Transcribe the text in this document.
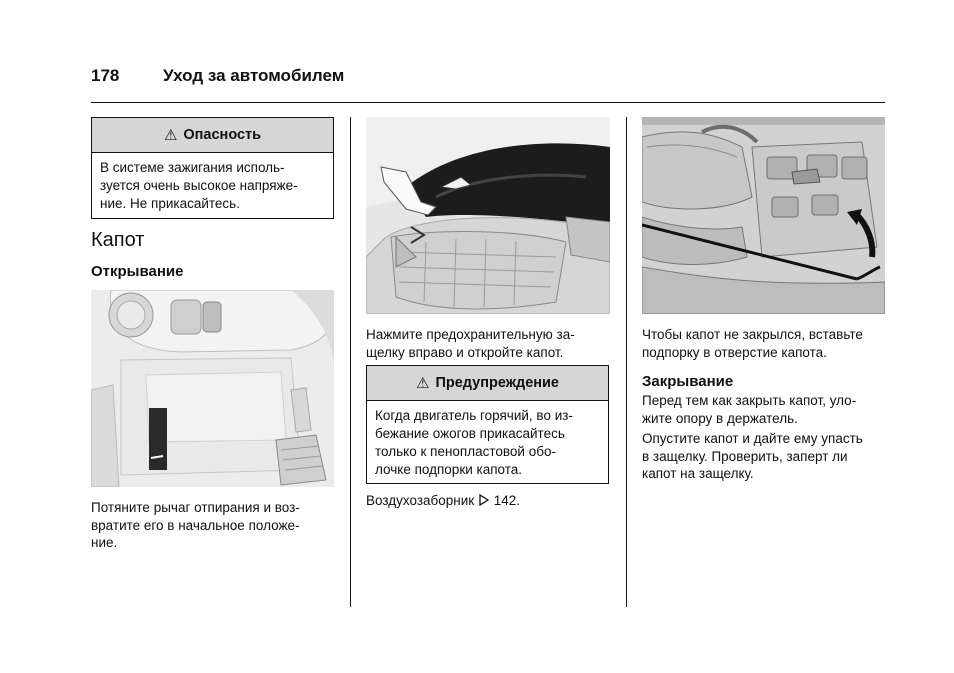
178	Уход за автомобилем
⚠ Опасность
В системе зажигания исполь-
зуется очень высокое напряже-
ние. Не прикасайтесь.
Капот
Открывание
Потяните рычаг отпирания и воз-
вратите его в начальное положе-
ние.
Нажмите предохранительную за-
щелку вправо и откройте капот.
⚠ Предупреждение
Когда двигатель горячий, во из-
бежание ожогов прикасайтесь
только к пенопластовой обо-
лочке подпорки капота.
Воздухозаборник 142.
Чтобы капот не закрылся, вставьте
подпорку в отверстие капота.
Закрывание
Перед тем как закрыть капот, уло-
жите опору в держатель.
Опустите капот и дайте ему упасть
в защелку. Проверить, заперт ли
капот на защелку.
